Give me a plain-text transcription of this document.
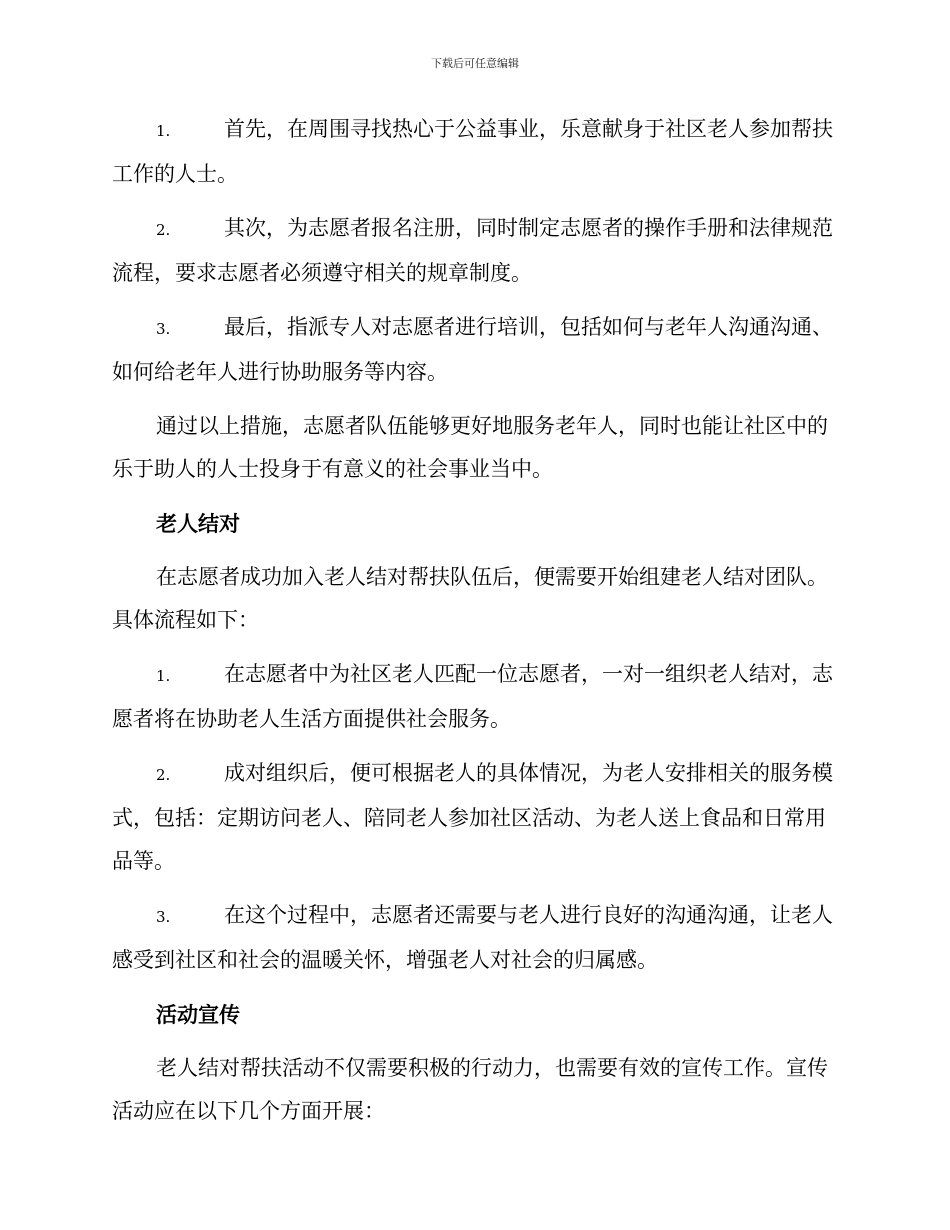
下载后可任意编辑

1.	首先，在周围寻找热心于公益事业，乐意献身于社区老人参加帮扶工作的人士。

2.	其次，为志愿者报名注册，同时制定志愿者的操作手册和法律规范流程，要求志愿者必须遵守相关的规章制度。

3.	最后，指派专人对志愿者进行培训，包括如何与老年人沟通沟通、如何给老年人进行协助服务等内容。

通过以上措施，志愿者队伍能够更好地服务老年人，同时也能让社区中的乐于助人的人士投身于有意义的社会事业当中。

老人结对

在志愿者成功加入老人结对帮扶队伍后，便需要开始组建老人结对团队。具体流程如下：

1.	在志愿者中为社区老人匹配一位志愿者，一对一组织老人结对，志愿者将在协助老人生活方面提供社会服务。

2.	成对组织后，便可根据老人的具体情况，为老人安排相关的服务模式，包括：定期访问老人、陪同老人参加社区活动、为老人送上食品和日常用品等。

3.	在这个过程中，志愿者还需要与老人进行良好的沟通沟通，让老人感受到社区和社会的温暖关怀，增强老人对社会的归属感。

活动宣传

老人结对帮扶活动不仅需要积极的行动力，也需要有效的宣传工作。宣传活动应在以下几个方面开展：
